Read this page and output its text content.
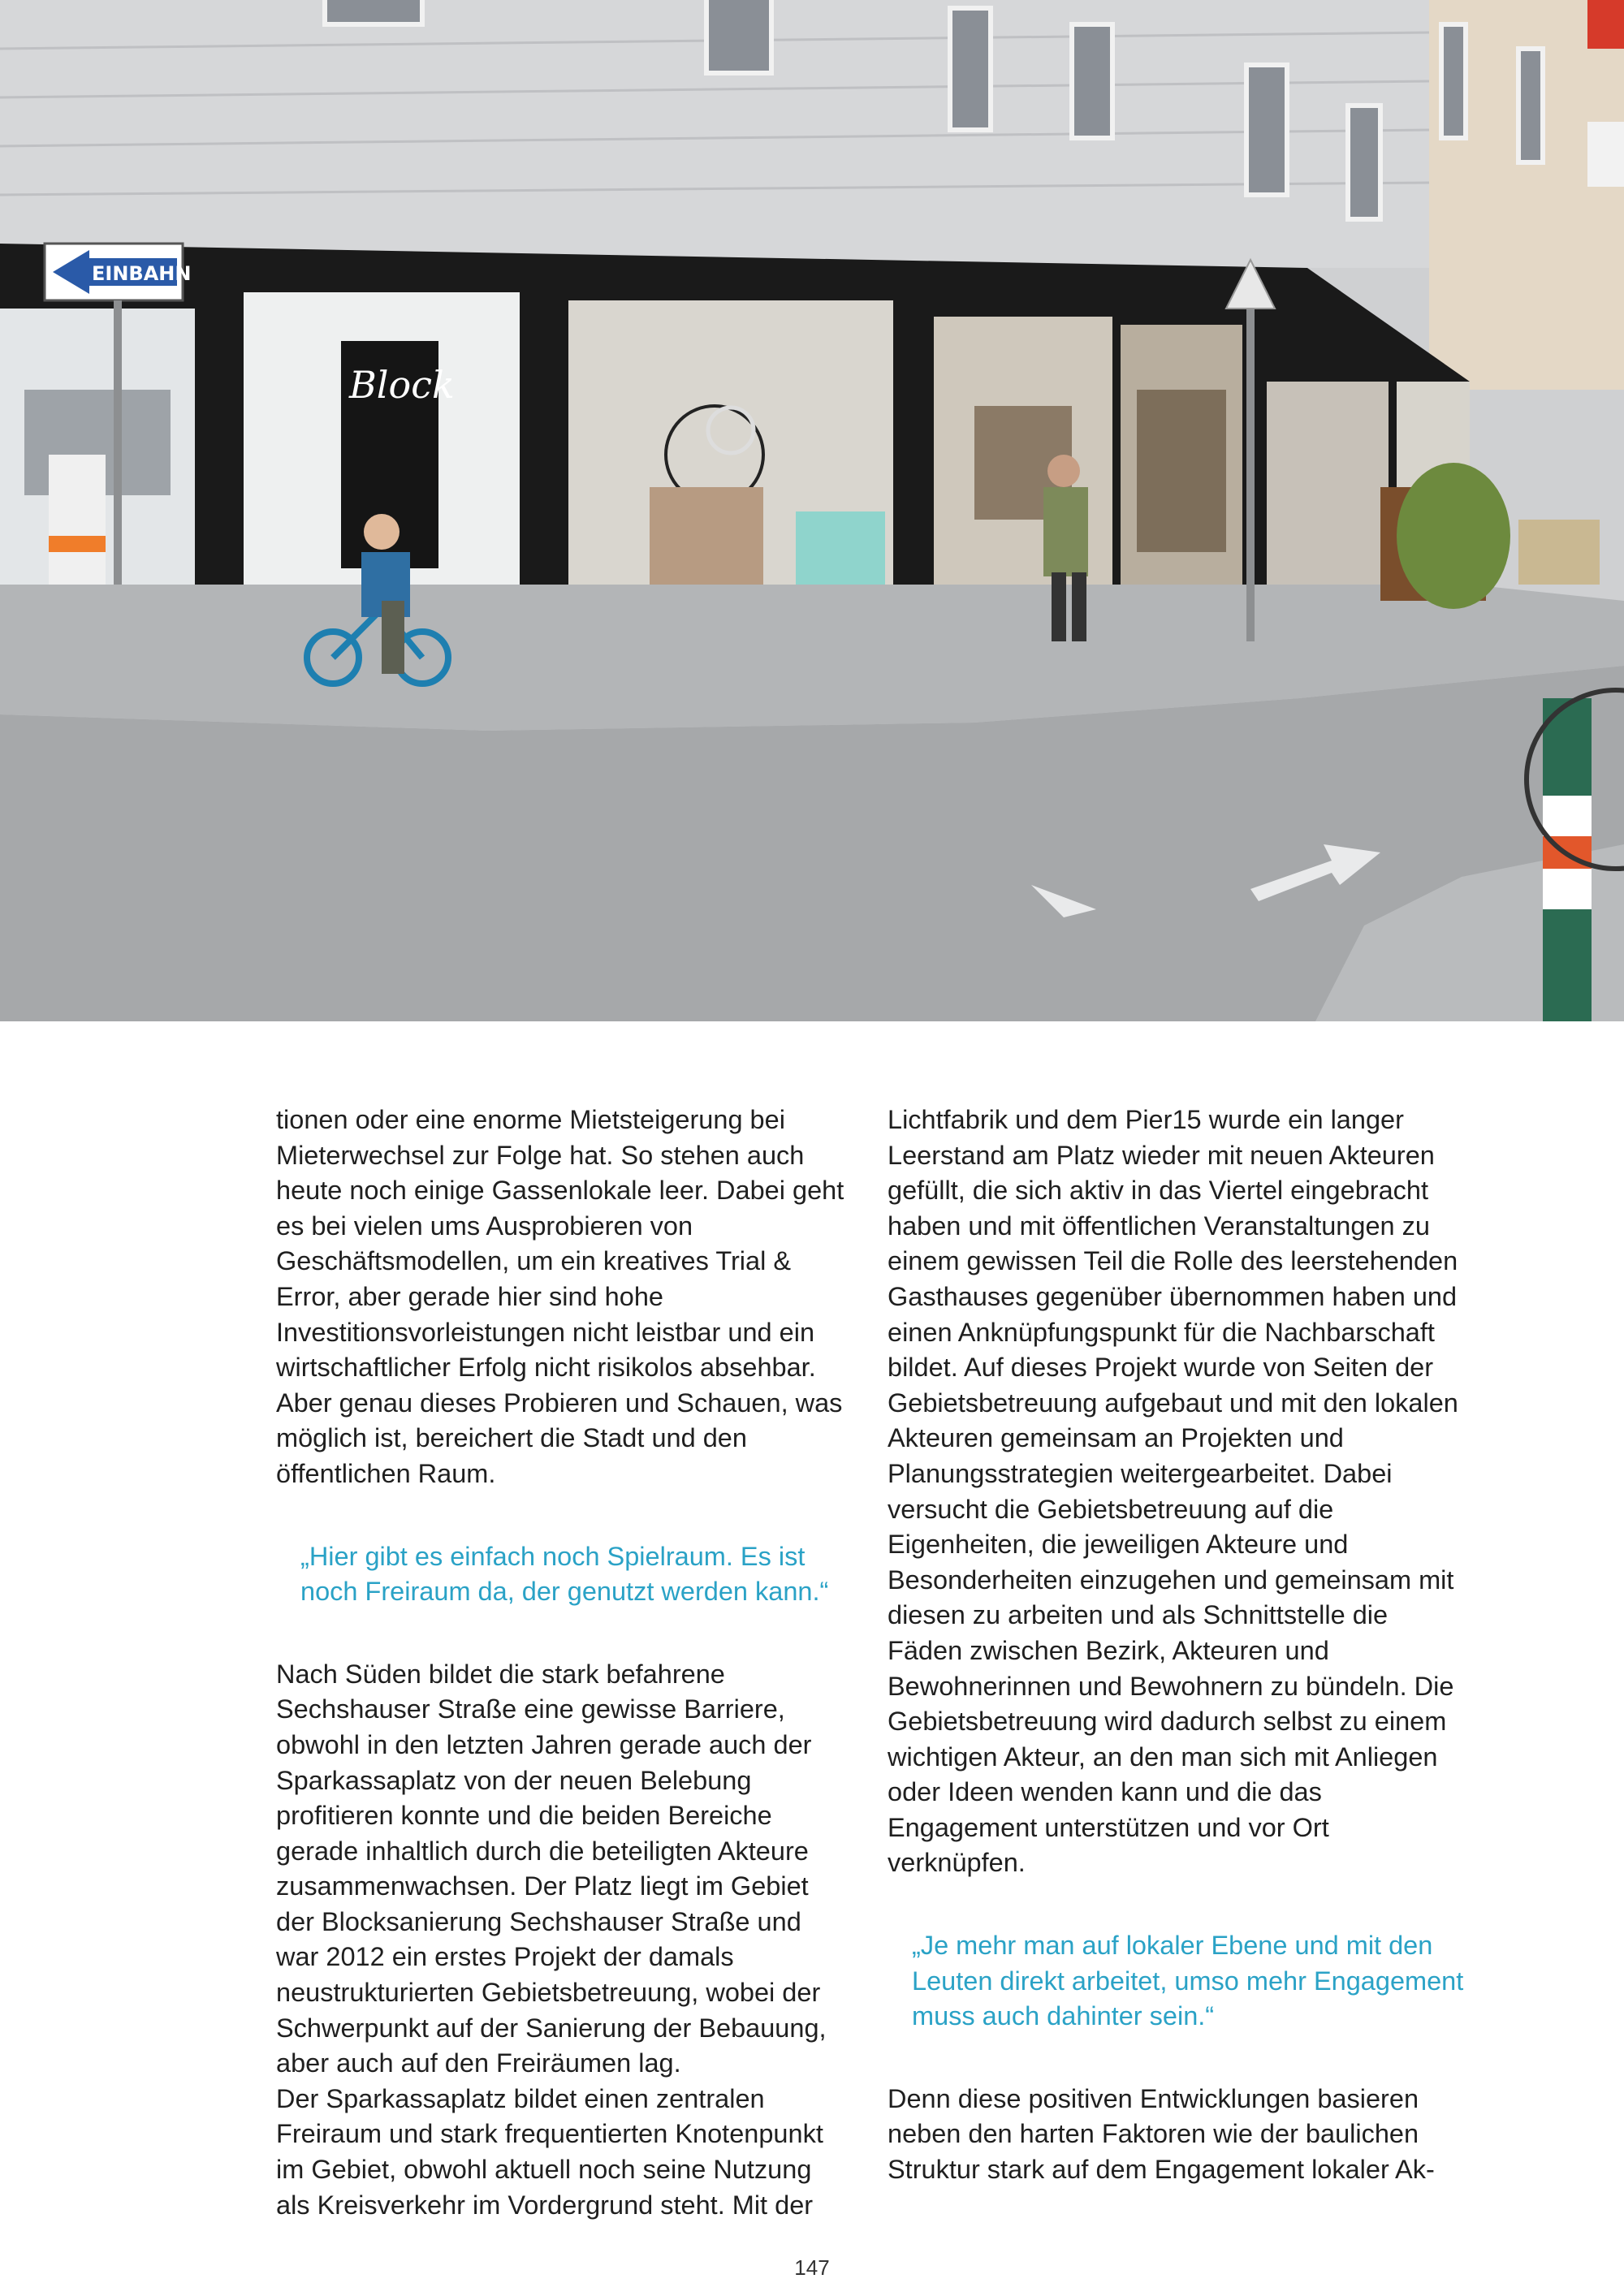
Block
EINBAHN

tionen oder eine enorme Mietsteigerung bei Mieterwechsel zur Folge hat. So stehen auch heute noch einige Gassenlokale leer. Dabei geht es bei vielen ums Ausprobieren von Geschäftsmodellen, um ein kreatives Trial & Error, aber gerade hier sind hohe Investitionsvorleistungen nicht leistbar und ein wirtschaftlicher Erfolg nicht risikolos absehbar. Aber genau dieses Probieren und Schauen, was möglich ist, bereichert die Stadt und den öffentlichen Raum.

„Hier gibt es einfach noch Spielraum. Es ist noch Freiraum da, der genutzt werden kann.“

Nach Süden bildet die stark befahrene Sechshauser Straße eine gewisse Barriere, obwohl in den letzten Jahren gerade auch der Sparkassaplatz von der neuen Belebung profitieren konnte und die beiden Bereiche gerade inhaltlich durch die beteiligten Akteure zusammenwachsen. Der Platz liegt im Gebiet der Blocksanierung Sechshauser Straße und war 2012 ein erstes Projekt der damals neustrukturierten Gebietsbetreuung, wobei der Schwerpunkt auf der Sanierung der Bebauung, aber auch auf den Freiräumen lag.

Der Sparkassaplatz bildet einen zentralen Freiraum und stark frequentierten Knotenpunkt im Gebiet, obwohl aktuell noch seine Nutzung als Kreisverkehr im Vordergrund steht. Mit der

Lichtfabrik und dem Pier15 wurde ein langer Leerstand am Platz wieder mit neuen Akteuren gefüllt, die sich aktiv in das Viertel eingebracht haben und mit öffentlichen Veranstaltungen zu einem gewissen Teil die Rolle des leerstehenden Gasthauses gegenüber übernommen haben und einen Anknüpfungspunkt für die Nachbarschaft bildet. Auf dieses Projekt wurde von Seiten der Gebietsbetreuung aufgebaut und mit den lokalen Akteuren gemeinsam an Projekten und Planungsstrategien weitergearbeitet. Dabei versucht die Gebietsbetreuung auf die Eigenheiten, die jeweiligen Akteure und Besonderheiten einzugehen und gemeinsam mit diesen zu arbeiten und als Schnittstelle die Fäden zwischen Bezirk, Akteuren und Bewohnerinnen und Bewohnern zu bündeln. Die Gebietsbetreuung wird dadurch selbst zu einem wichtigen Akteur, an den man sich mit Anliegen oder Ideen wenden kann und die das Engagement unterstützen und vor Ort verknüpfen.

„Je mehr man auf lokaler Ebene und mit den Leuten direkt arbeitet, umso mehr Engagement muss auch dahinter sein.“

Denn diese positiven Entwicklungen basieren neben den harten Faktoren wie der baulichen Struktur stark auf dem Engagement lokaler Ak-

147
